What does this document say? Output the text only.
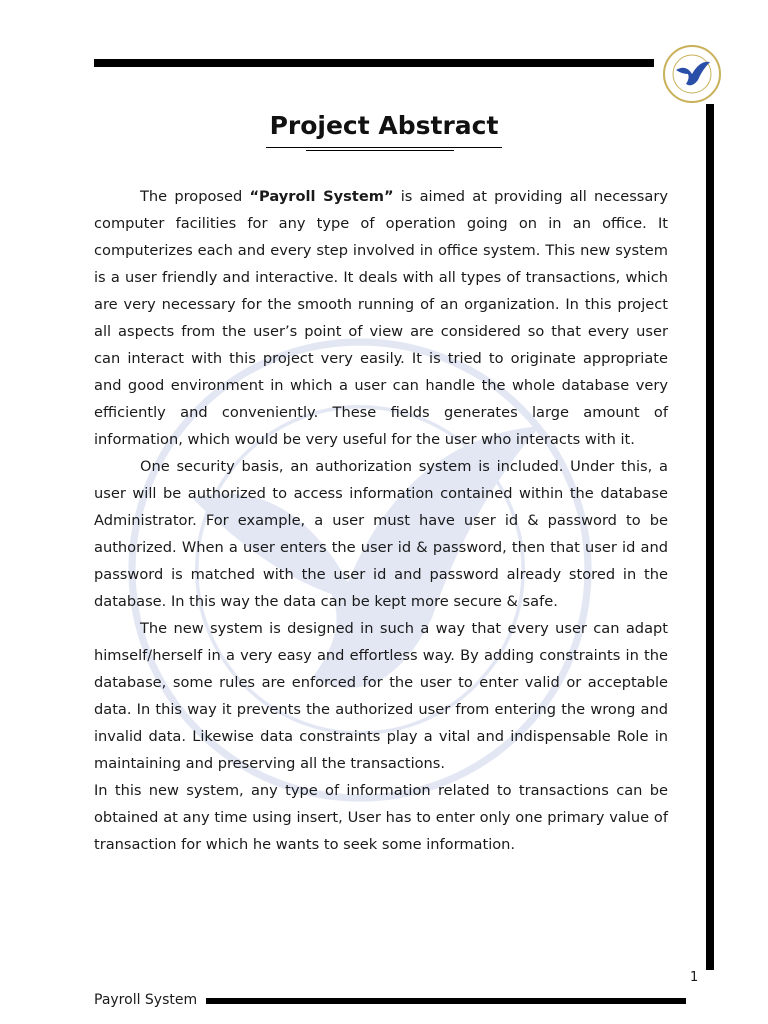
Project Abstract

The proposed “Payroll System” is aimed at providing all necessary computer facilities for any type of operation going on in an office. It computerizes each and every step involved in office system. This new system is a user friendly and interactive. It deals with all types of transactions, which are very necessary for the smooth running of an organization. In this project all aspects from the user’s point of view are considered so that every user can interact with this project very easily. It is tried to originate appropriate and good environment in which a user can handle the whole database very efficiently and conveniently. These fields generates large amount of information, which would be very useful for the user who interacts with it.

One security basis, an authorization system is included. Under this, a user will be authorized to access information contained within the database Administrator. For example, a user must have user id & password to be authorized. When a user enters the user id & password, then that user id and password is matched with the user id and password already stored in the database. In this way the data can be kept more secure & safe.

The new system is designed in such a way that every user can adapt himself/herself in a very easy and effortless way. By adding constraints in the database, some rules are enforced for the user to enter valid or acceptable data. In this way it prevents the authorized user from entering the wrong and invalid data. Likewise data constraints play a vital and indispensable Role in maintaining and preserving all the transactions.

In this new system, any type of information related to transactions can be obtained at any time using insert, User has to enter only one primary value of transaction for which he wants to seek some information.

1
Payroll System
